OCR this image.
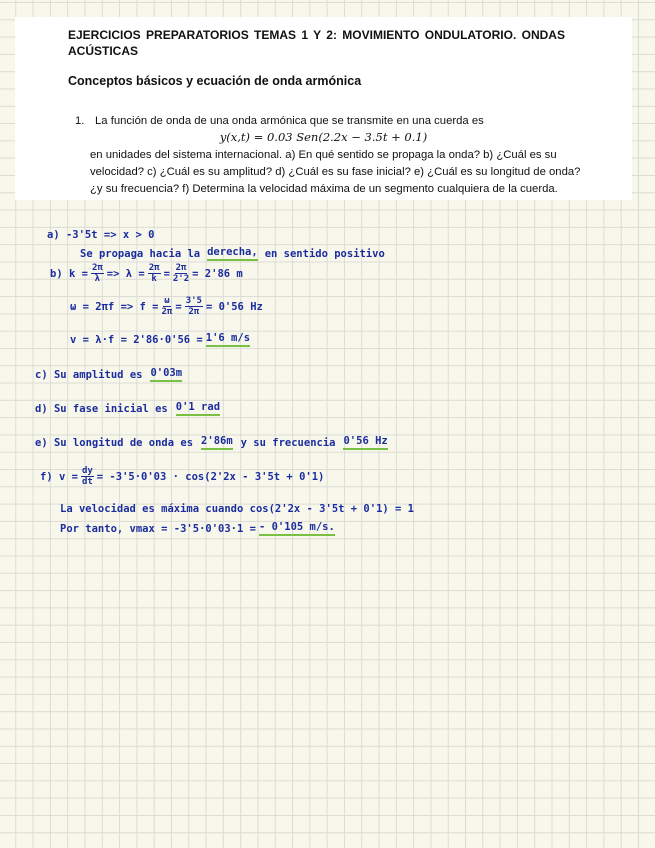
EJERCICIOS PREPARATORIOS TEMAS 1 Y 2: MOVIMIENTO ONDULATORIO. ONDAS
ACÚSTICAS
Conceptos básicos y ecuación de onda armónica
1. La función de onda de una onda armónica que se transmite en una cuerda es
y(x,t) = 0.03 Sen(2.2x − 3.5t + 0.1)
en unidades del sistema internacional. a) En qué sentido se propaga la onda? b) ¿Cuál es su
velocidad? c) ¿Cuál es su amplitud? d) ¿Cuál es su fase inicial? e) ¿Cuál es su longitud de onda?
¿y su frecuencia? f) Determina la velocidad máxima de un segmento cualquiera de la cuerda.
a) -3'5t => x > 0
Se propaga hacia la derecha, en sentido positivo
b) $k = \frac{2\pi}{\lambda} => \lambda = \frac{2\pi}{k} = \frac{2\pi}{2'2} = 2'86$ m
$\omega = 2\pi f => f = \frac{\omega}{2\pi} = \frac{3'5}{2\pi} = 0'56$ Hz
v = λ·f = 2'86·0'56 = 1'6 m/s
c) Su amplitud es 0'03m
d) Su fase inicial es 0'1 rad
e) Su longitud de onda es 2'86m y su frecuencia 0'56 Hz
f) $v = \frac{dy}{dt} = -3'5\cdot 0'03 \cdot \cos(2'2x - 3'5t + 0'1)$
La velocidad es máxima cuando cos(2'2x - 3'5t + 0'1) = 1
Por tanto, vmax = -3'5·0'03·1 = - 0'105 m/s.
